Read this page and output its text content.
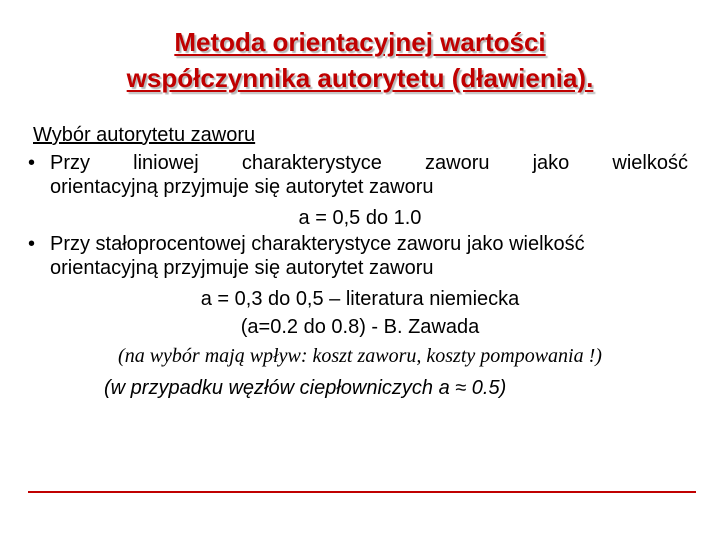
Metoda orientacyjnej wartości
współczynnika autorytetu (dławienia).
Wybór autorytetu zaworu
• Przy liniowej charakterystyce zaworu jako wielkość
orientacyjną przyjmuje się autorytet zaworu
a = 0,5 do 1.0
• Przy stałoprocentowej charakterystyce zaworu jako wielkość
orientacyjną przyjmuje się autorytet zaworu
a = 0,3 do 0,5 – literatura niemiecka
(a=0.2 do 0.8) - B. Zawada
(na wybór mają wpływ: koszt zaworu, koszty pompowania !)
(w przypadku węzłów ciepłowniczych a ≈ 0.5)
